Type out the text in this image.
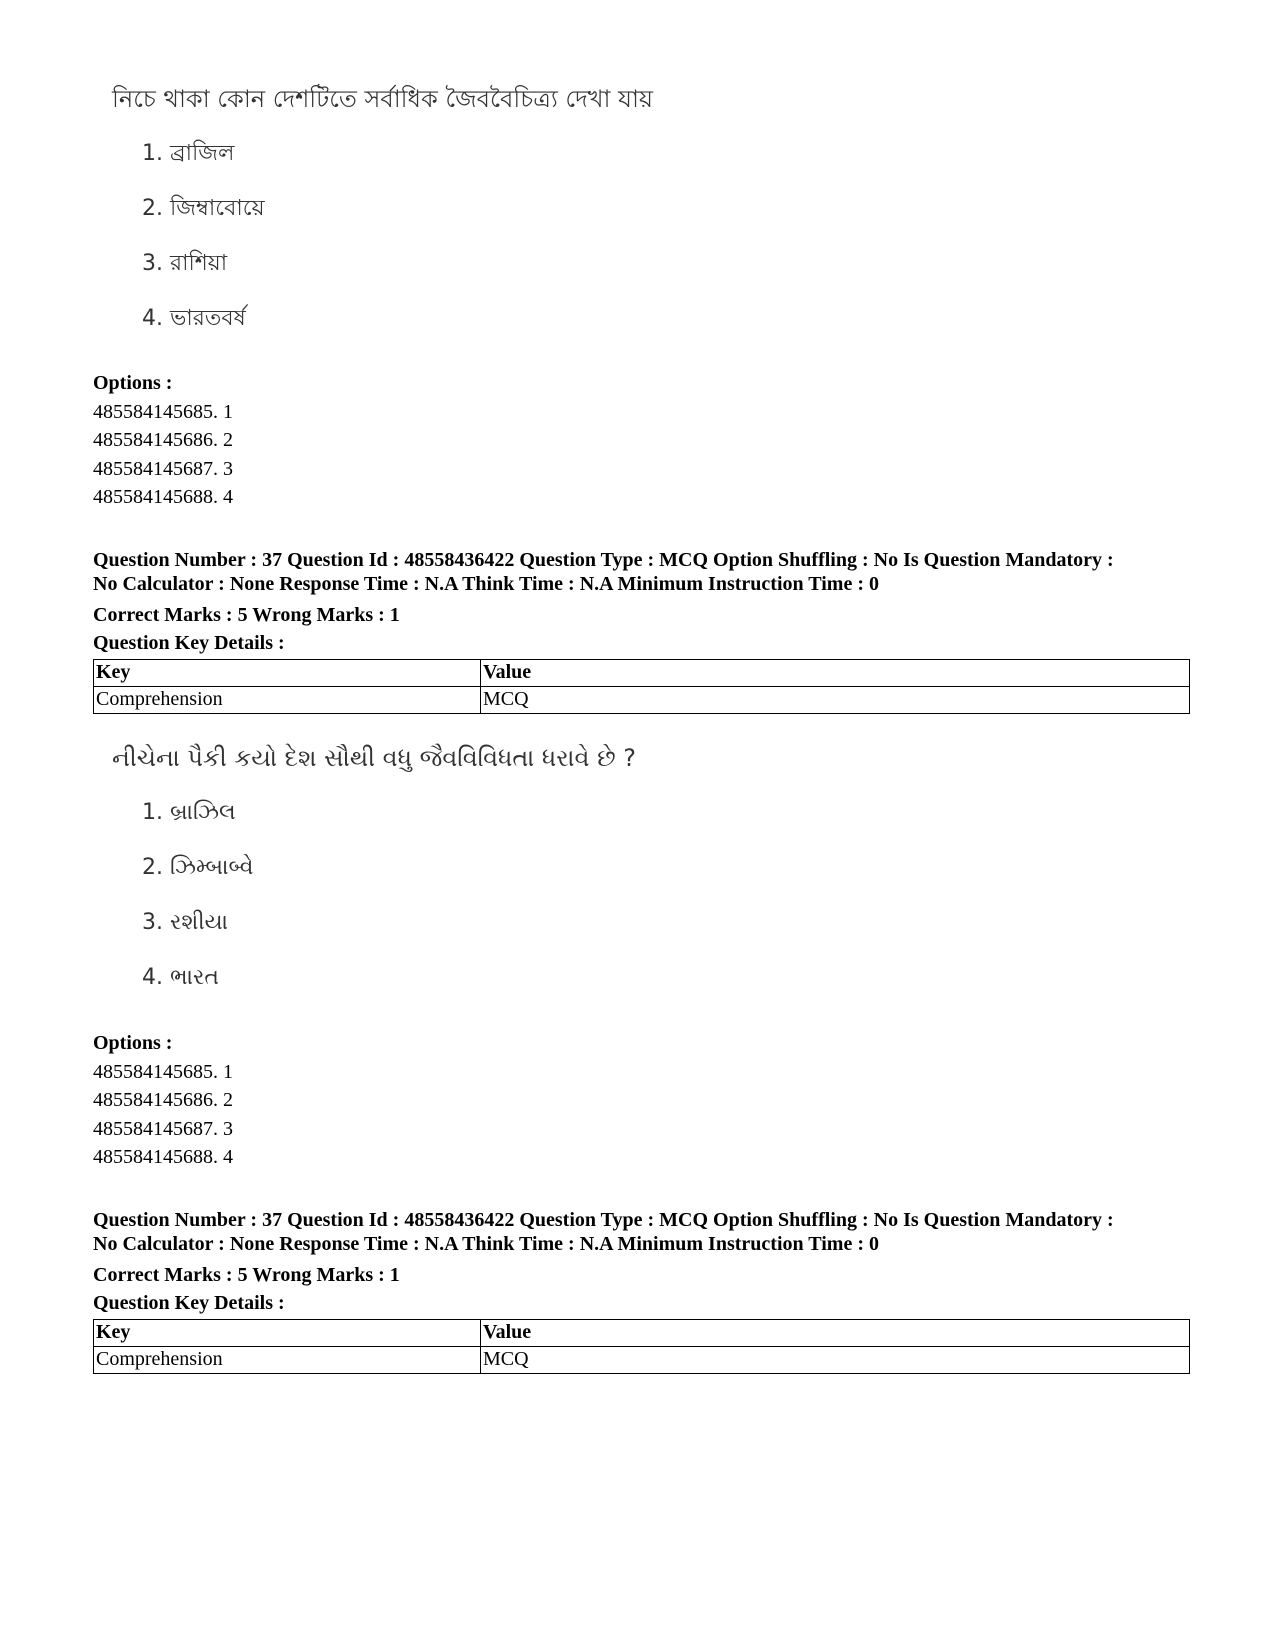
নিচে থাকা কোন দেশটিতে সর্বাধিক জৈববৈচিত্র্য দেখা যায়

1. ব্রাজিল

2. জিম্বাবোয়ে

3. রাশিয়া

4. ভারতবর্ষ

Options :
485584145685. 1
485584145686. 2
485584145687. 3
485584145688. 4
Question Number : 37 Question Id : 48558436422 Question Type : MCQ Option Shuffling : No Is Question Mandatory :
No Calculator : None Response Time : N.A Think Time : N.A Minimum Instruction Time : 0
Correct Marks : 5 Wrong Marks : 1
Question Key Details :
Key	Value
Comprehension	MCQ

નીચેના પૈકી કયો દેશ સૌથી વધુ જૈવવિવિધતા ધરાવે છે ?

1. બ્રાઝિલ

2. ઝિમ્બાબ્વે

3. રશીયા

4. ભારત

Options :
485584145685. 1
485584145686. 2
485584145687. 3
485584145688. 4
Question Number : 37 Question Id : 48558436422 Question Type : MCQ Option Shuffling : No Is Question Mandatory :
No Calculator : None Response Time : N.A Think Time : N.A Minimum Instruction Time : 0
Correct Marks : 5 Wrong Marks : 1
Question Key Details :
Key	Value
Comprehension	MCQ
